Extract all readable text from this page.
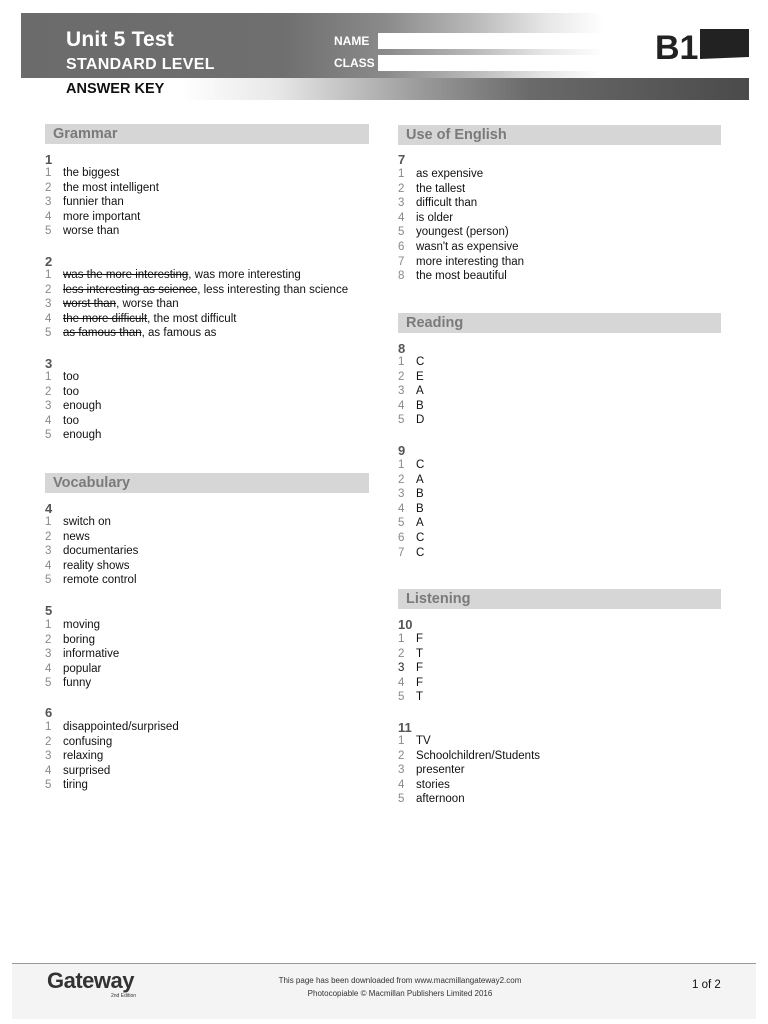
Unit 5 Test
STANDARD LEVEL
NAME
CLASS	B1
ANSWER KEY
Grammar
1
1 the biggest
2 the most intelligent
3 funnier than
4 more important
5 worse than
2
1 was the more interesting, was more interesting
2 less interesting as science, less interesting than science
3 worst than, worse than
4 the more difficult, the most difficult
5 as famous than, as famous as
3
1 too
2 too
3 enough
4 too
5 enough
Vocabulary
4
1 switch on
2 news
3 documentaries
4 reality shows
5 remote control
5
1 moving
2 boring
3 informative
4 popular
5 funny
6
1 disappointed/surprised
2 confusing
3 relaxing
4 surprised
5 tiring
Use of English
7
1 as expensive
2 the tallest
3 difficult than
4 is older
5 youngest (person)
6 wasn't as expensive
7 more interesting than
8 the most beautiful
Reading
8
1 C
2 E
3 A
4 B
5 D
9
1 C
2 A
3 B
4 B
5 A
6 C
7 C
Listening
10
1 F
2 T
3 F
4 F
5 T
11
1 TV
2 Schoolchildren/Students
3 presenter
4 stories
5 afternoon
Gateway
2nd Edition
This page has been downloaded from www.macmillangateway2.com
Photocopiable © Macmillan Publishers Limited 2016
1 of 2
